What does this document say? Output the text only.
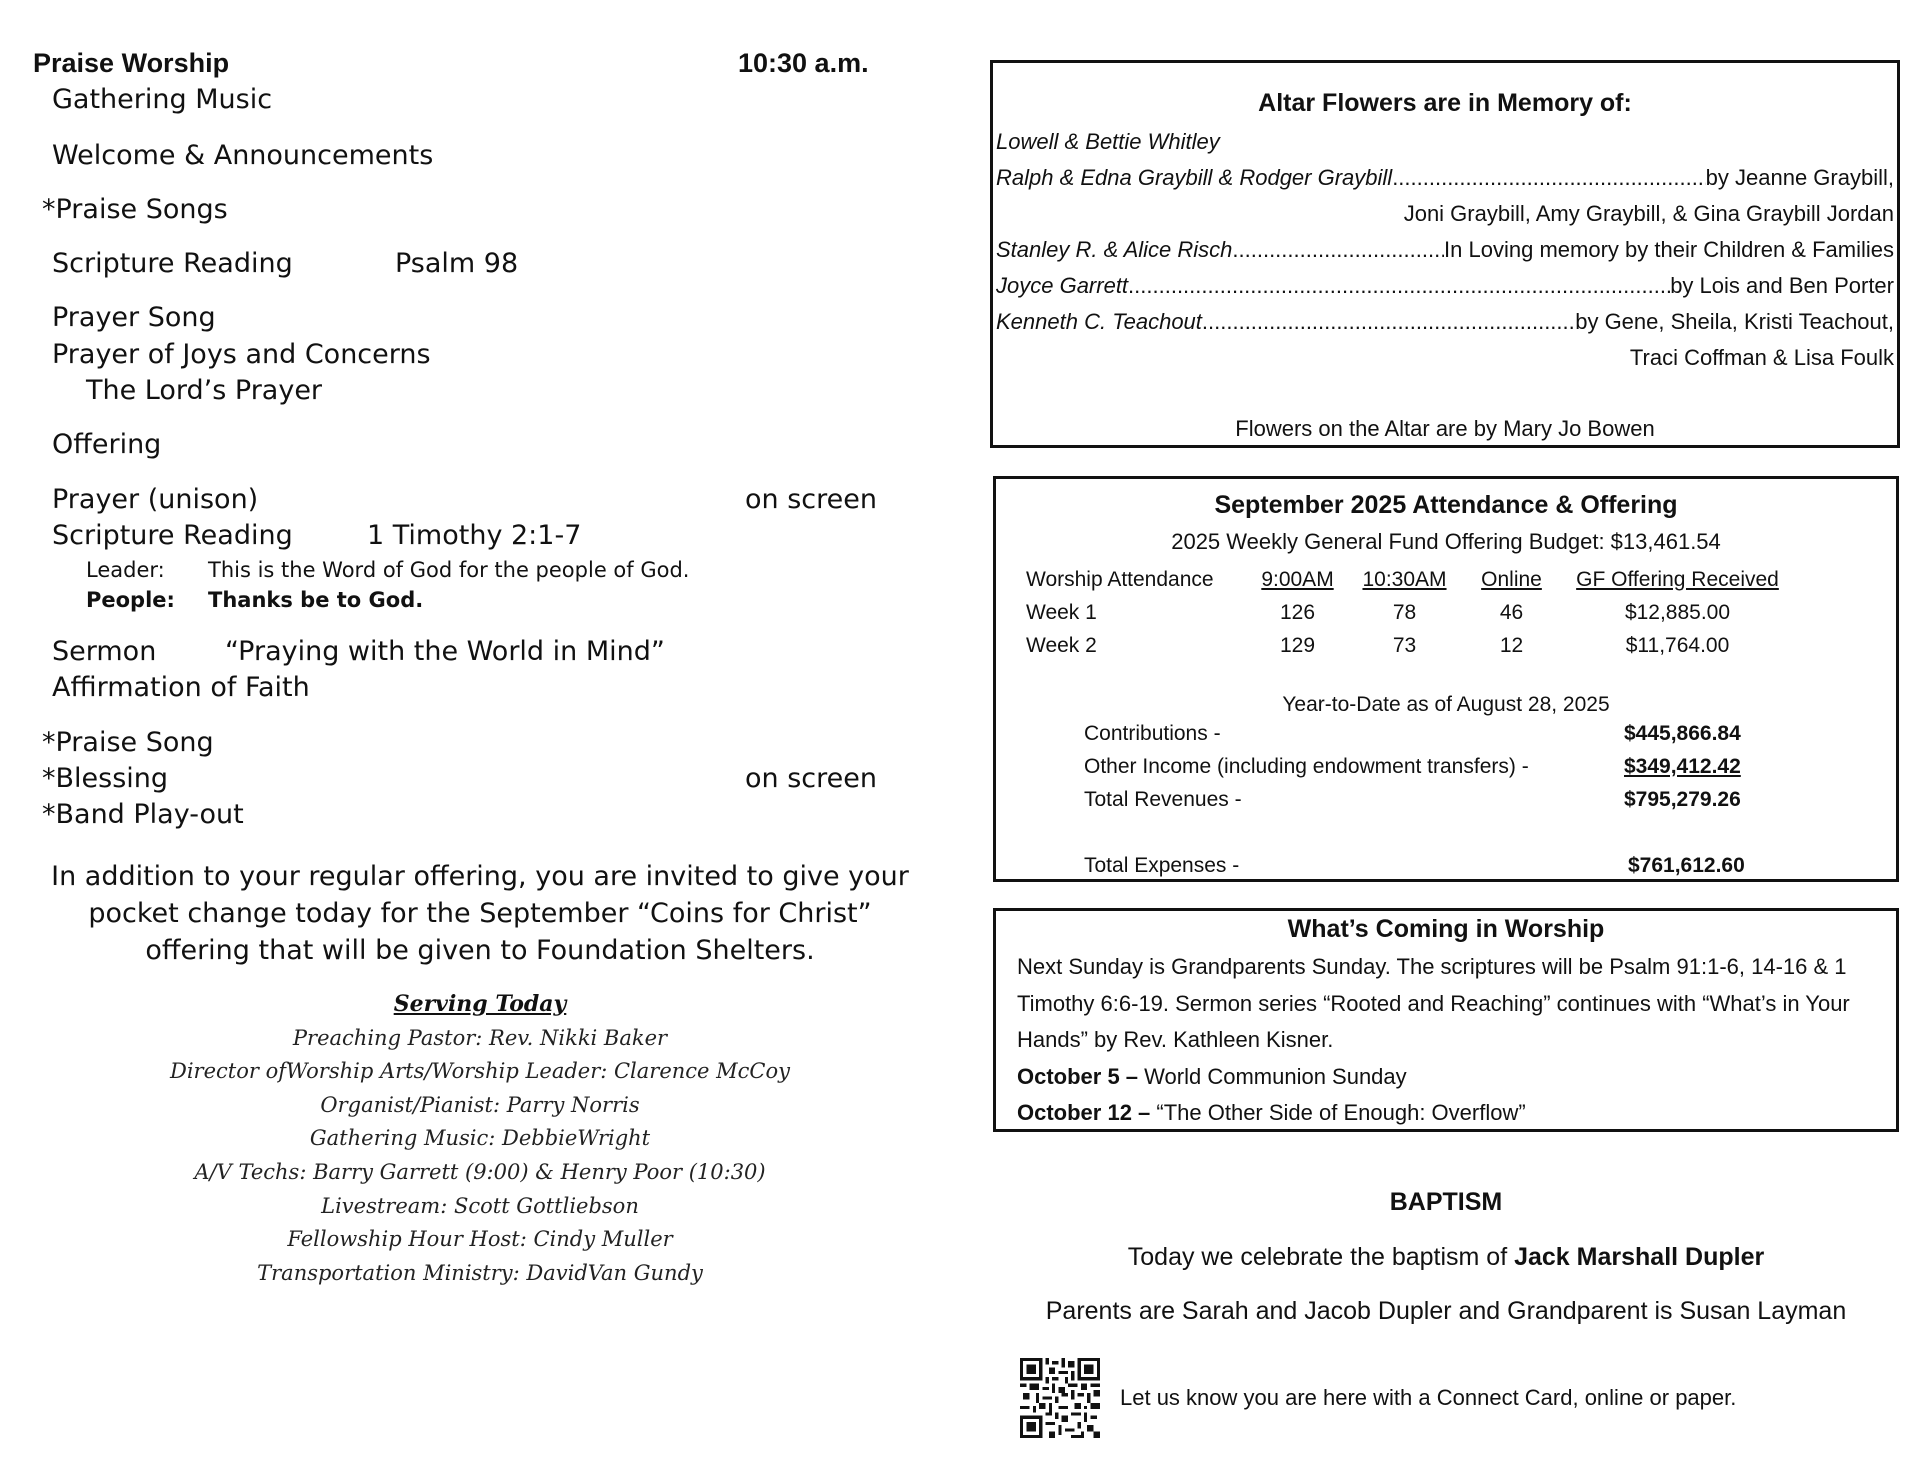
Praise Worship	10:30 a.m.
Gathering Music
Welcome & Announcements
*Praise Songs
Scripture Reading	Psalm 98
Prayer Song
Prayer of Joys and Concerns
The Lord’s Prayer
Offering
Prayer (unison)	on screen
Scripture Reading	1 Timothy 2:1-7
Leader: This is the Word of God for the people of God.
People: Thanks be to God.
Sermon	“Praying with the World in Mind”
Affirmation of Faith
*Praise Song
*Blessing	on screen
*Band Play-out
In addition to your regular offering, you are invited to give your
pocket change today for the September “Coins for Christ”
offering that will be given to Foundation Shelters.
Serving Today
Preaching Pastor: Rev. Nikki Baker
Director ofWorship Arts/Worship Leader: Clarence McCoy
Organist/Pianist: Parry Norris
Gathering Music: DebbieWright
A/V Techs: Barry Garrett (9:00) & Henry Poor (10:30)
Livestream: Scott Gottliebson
Fellowship Hour Host: Cindy Muller
Transportation Ministry: DavidVan Gundy
Altar Flowers are in Memory of:
Lowell & Bettie Whitley
Ralph & Edna Graybill & Rodger Graybill .....	by Jeanne Graybill,
Joni Graybill, Amy Graybill, & Gina Graybill Jordan
Stanley R. & Alice Risch .....	In Loving memory by their Children & Families
Joyce Garrett .....	by Lois and Ben Porter
Kenneth C. Teachout .....	by Gene, Sheila, Kristi Teachout,
Traci Coffman & Lisa Foulk
Flowers on the Altar are by Mary Jo Bowen
September 2025 Attendance & Offering
2025 Weekly General Fund Offering Budget: $13,461.54
Worship Attendance	9:00AM	10:30AM	Online	GF Offering Received
Week 1	126	78	46	$12,885.00
Week 2	129	73	12	$11,764.00
Year-to-Date as of August 28, 2025
Contributions -	$445,866.84
Other Income (including endowment transfers) -	$349,412.42
Total Revenues -	$795,279.26

Total Expenses -	$761,612.60
What’s Coming in Worship
Next Sunday is Grandparents Sunday. The scriptures will be Psalm 91:1-6, 14-16 & 1 Timothy 6:6-19. Sermon series “Rooted and Reaching” continues with “What’s in Your Hands” by Rev. Kathleen Kisner.
October 5 – World Communion Sunday
October 12 – “The Other Side of Enough: Overflow”
BAPTISM
Today we celebrate the baptism of Jack Marshall Dupler
Parents are Sarah and Jacob Dupler and Grandparent is Susan Layman
Let us know you are here with a Connect Card, online or paper.
